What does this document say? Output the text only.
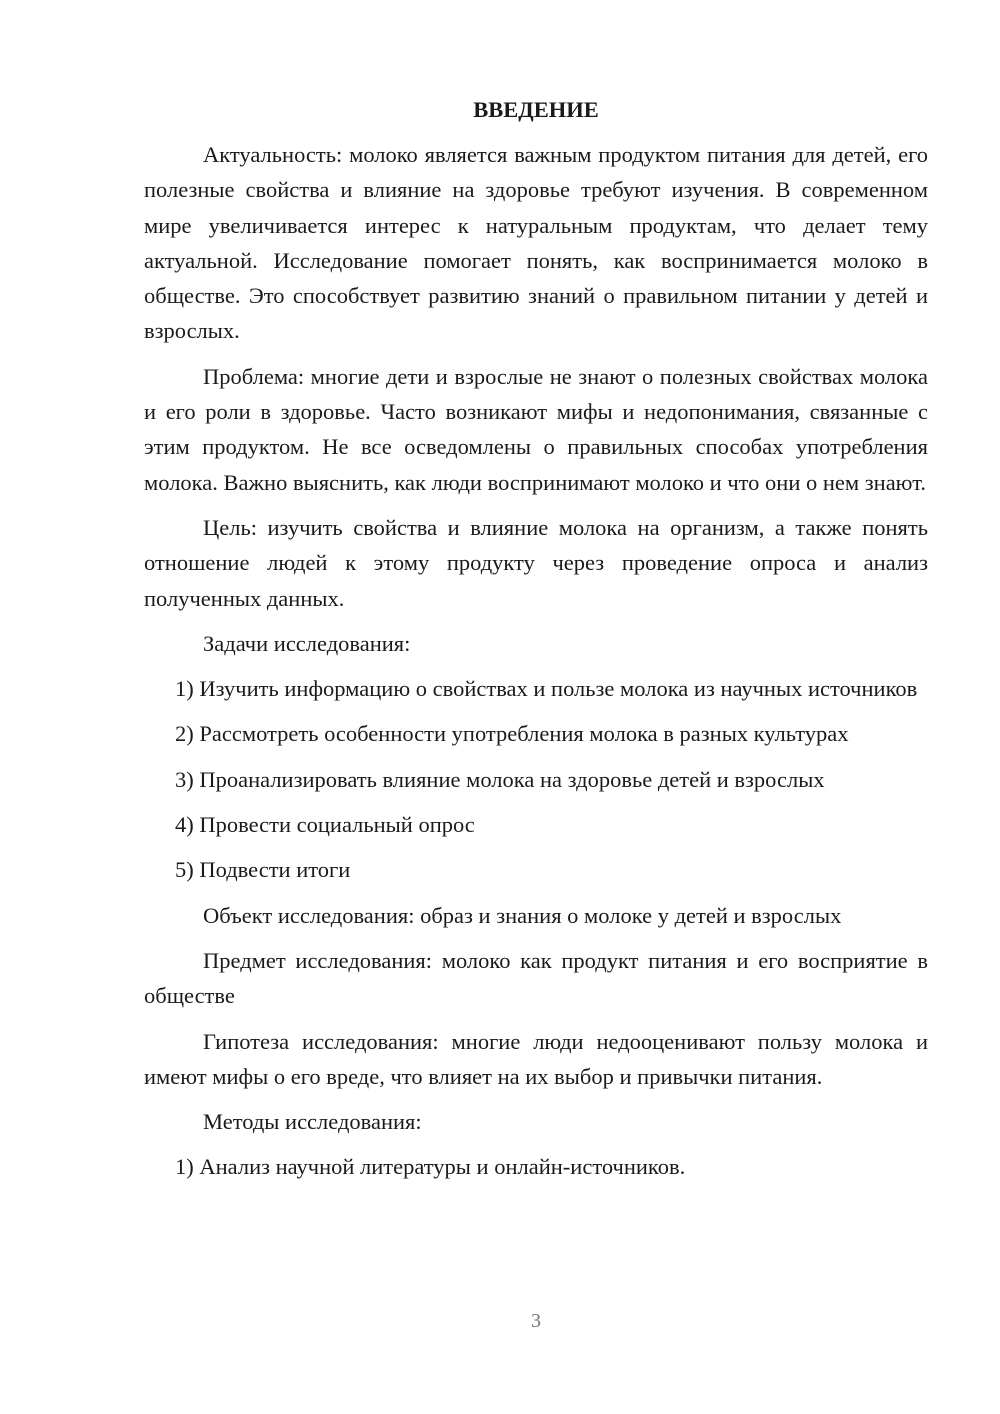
ВВЕДЕНИЕ

Актуальность: молоко является важным продуктом питания для детей, его полезные свойства и влияние на здоровье требуют изучения. В современном мире увеличивается интерес к натуральным продуктам, что делает тему актуальной. Исследование помогает понять, как воспринимается молоко в обществе. Это способствует развитию знаний о правильном питании у детей и взрослых.

Проблема: многие дети и взрослые не знают о полезных свойствах молока и его роли в здоровье. Часто возникают мифы и недопонимания, связанные с этим продуктом. Не все осведомлены о правильных способах употребления молока. Важно выяснить, как люди воспринимают молоко и что они о нем знают.

Цель: изучить свойства и влияние молока на организм, а также понять отношение людей к этому продукту через проведение опроса и анализ полученных данных.

Задачи исследования:

1) Изучить информацию о свойствах и пользе молока из научных источников

2) Рассмотреть особенности употребления молока в разных культурах

3) Проанализировать влияние молока на здоровье детей и взрослых

4) Провести социальный опрос

5) Подвести итоги

Объект исследования: образ и знания о молоке у детей и взрослых

Предмет исследования: молоко как продукт питания и его восприятие в обществе

Гипотеза исследования: многие люди недооценивают пользу молока и имеют мифы о его вреде, что влияет на их выбор и привычки питания.

Методы исследования:

1) Анализ научной литературы и онлайн-источников.

3
